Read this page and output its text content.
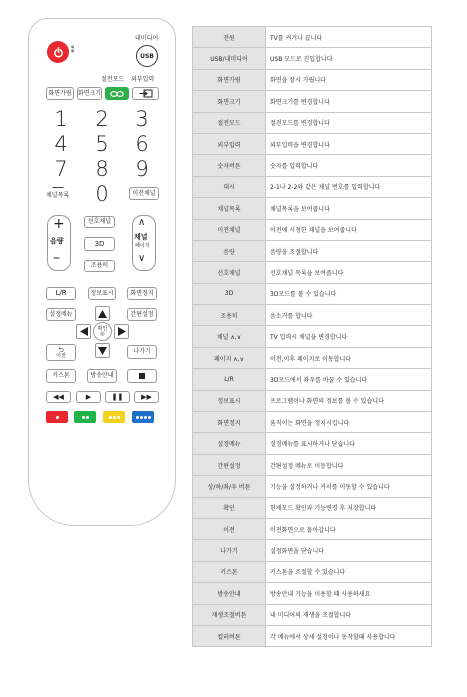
●
●
내미디어
USB
절전모드 외부입력
화면가림	화면크기
1	2	3
4	5	6
7	8	9
—
채널목록	0	이전채널
+
음량
–
선호채널
3D
조용히
∧
채널
페이지
∨
L/R	정보표시	화면정지
설정메뉴	간편설정
확인
◎
⮌
이전
나가기
키스톤	방송안내
◀◀	▶	❚❚	▶▶
전원	TV를 켜거나 끕니다
USB/내미디어	USB 모드로 진입합니다
화면가림	화면을 잠시 가립니다
화면크기	화면크기를 변경합니다
절전모드	절전모드를 변경합니다
외부입력	외부입력을 변경합니다
숫자버튼	숫자를 입력합니다
대시	2-1나 2-2와 같은 채널 번호를 입력합니다
채널목록	채널목록을 보여줍니다
이전채널	이전에 시청한 채널을 보여줍니다
음량	음량을 조절합니다
선호채널	선호채널 목록을 보여줍니다
3D	3D모드를 볼 수 있습니다
조용히	음소거를 합니다
채널 ∧,∨	TV 입력시 채널을 변경합니다
페이지 ∧,∨	이전,이후 페이지로 이동합니다
L/R	3D모드에서 좌우를 바꿀 수 있습니다
정보표시	프로그램이나 화면의 정보를 볼 수 있습니다
화면정지	움직이는 화면을 정지시킵니다
설정메뉴	설정메뉴를 표시하거나 닫습니다
간편설정	간편설정 메뉴로 이동합니다
상/하/좌/우 버튼	기능을 설정하거나 커서를 이동할 수 있습니다
확인	현재모드 확인과 기능변경 후 저장합니다
이전	이전화면으로 돌아갑니다
나가기	설정화면을 닫습니다
키스톤	키스톤을 조절할 수 있습니다
방송안내	방송안내 기능을 이용할 때 사용하세요
재생조절버튼	내 미디어의 재생을 조절합니다
컬러버튼	각 메뉴에서 상세 설정이나 동작할때 사용합니다
